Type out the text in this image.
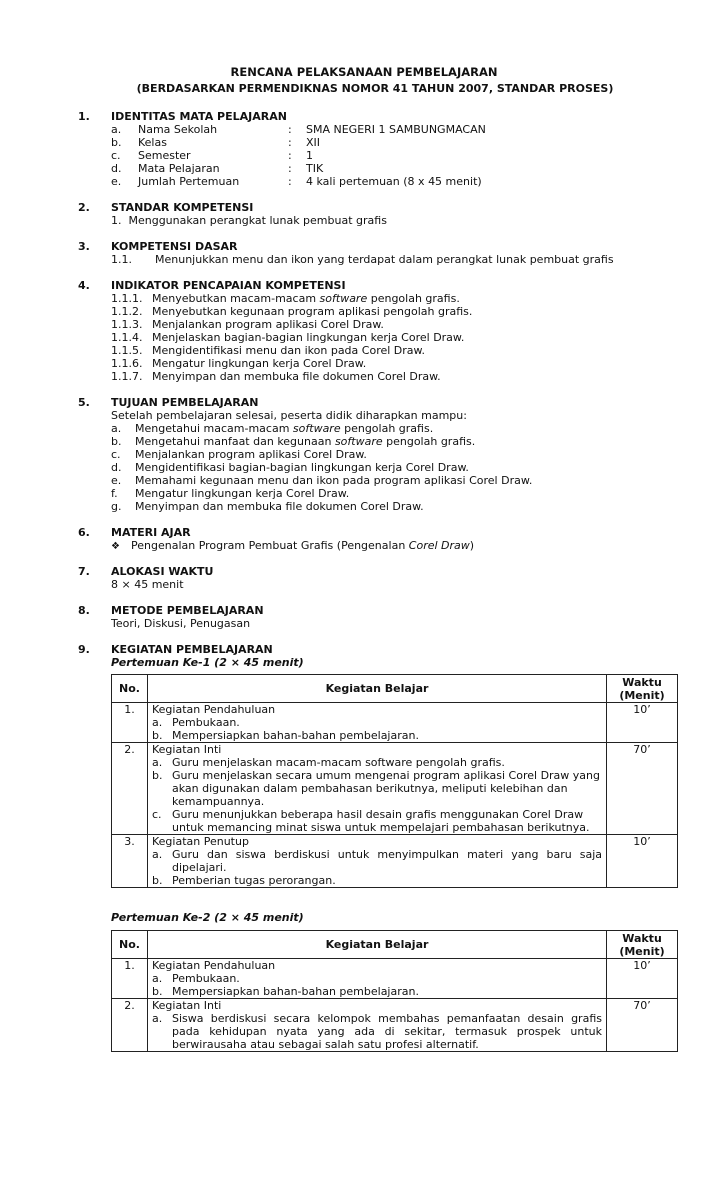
RENCANA PELAKSANAAN PEMBELAJARAN
(BERDASARKAN PERMENDIKNAS NOMOR 41 TAHUN 2007, STANDAR PROSES)
1. IDENTITAS MATA PELAJARAN
a. Nama Sekolah	: SMA NEGERI 1 SAMBUNGMACAN
b. Kelas	: XII
c. Semester	: 1
d. Mata Pelajaran	: TIK
e. Jumlah Pertemuan	: 4 kali pertemuan (8 x 45 menit)
2. STANDAR KOMPETENSI
1.  Menggunakan perangkat lunak pembuat grafis
3. KOMPETENSI DASAR
1.1. Menunjukkan menu dan ikon yang terdapat dalam perangkat lunak pembuat grafis
4. INDIKATOR PENCAPAIAN KOMPETENSI
1.1.1. Menyebutkan macam-macam software pengolah grafis.
1.1.2. Menyebutkan kegunaan program aplikasi pengolah grafis.
1.1.3. Menjalankan program aplikasi Corel Draw.
1.1.4. Menjelaskan bagian-bagian lingkungan kerja Corel Draw.
1.1.5. Mengidentifikasi menu dan ikon pada Corel Draw.
1.1.6. Mengatur lingkungan kerja Corel Draw.
1.1.7. Menyimpan dan membuka file dokumen Corel Draw.
5. TUJUAN PEMBELAJARAN
Setelah pembelajaran selesai, peserta didik diharapkan mampu:
a. Mengetahui macam-macam software pengolah grafis.
b. Mengetahui manfaat dan kegunaan software pengolah grafis.
c. Menjalankan program aplikasi Corel Draw.
d. Mengidentifikasi bagian-bagian lingkungan kerja Corel Draw.
e. Memahami kegunaan menu dan ikon pada program aplikasi Corel Draw.
f. Mengatur lingkungan kerja Corel Draw.
g. Menyimpan dan membuka file dokumen Corel Draw.
6. MATERI AJAR
❖ Pengenalan Program Pembuat Grafis (Pengenalan Corel Draw)
7. ALOKASI WAKTU
8 × 45 menit
8. METODE PEMBELAJARAN
Teori, Diskusi, Penugasan
9. KEGIATAN PEMBELAJARAN
Pertemuan Ke-1 (2 × 45 menit)
No.	Kegiatan Belajar	Waktu
(Menit)
1.	Kegiatan Pendahuluan
a. Pembukaan.
b. Mempersiapkan bahan-bahan pembelajaran.	10’
2.	Kegiatan Inti
a. Guru menjelaskan macam-macam software pengolah grafis.
b. Guru menjelaskan secara umum mengenai program aplikasi Corel Draw yang akan digunakan dalam pembahasan berikutnya, meliputi kelebihan dan kemampuannya.
c. Guru menunjukkan beberapa hasil desain grafis menggunakan Corel Draw untuk memancing minat siswa untuk mempelajari pembahasan berikutnya.	70’
3.	Kegiatan Penutup
a. Guru dan siswa berdiskusi untuk menyimpulkan materi yang baru saja dipelajari.
b. Pemberian tugas perorangan.	10’
Pertemuan Ke-2 (2 × 45 menit)
No.	Kegiatan Belajar	Waktu
(Menit)
1.	Kegiatan Pendahuluan
a. Pembukaan.
b. Mempersiapkan bahan-bahan pembelajaran.	10’
2.	Kegiatan Inti
a. Siswa berdiskusi secara kelompok membahas pemanfaatan desain grafis pada kehidupan nyata yang ada di sekitar, termasuk prospek untuk berwirausaha atau sebagai salah satu profesi alternatif.	70’
